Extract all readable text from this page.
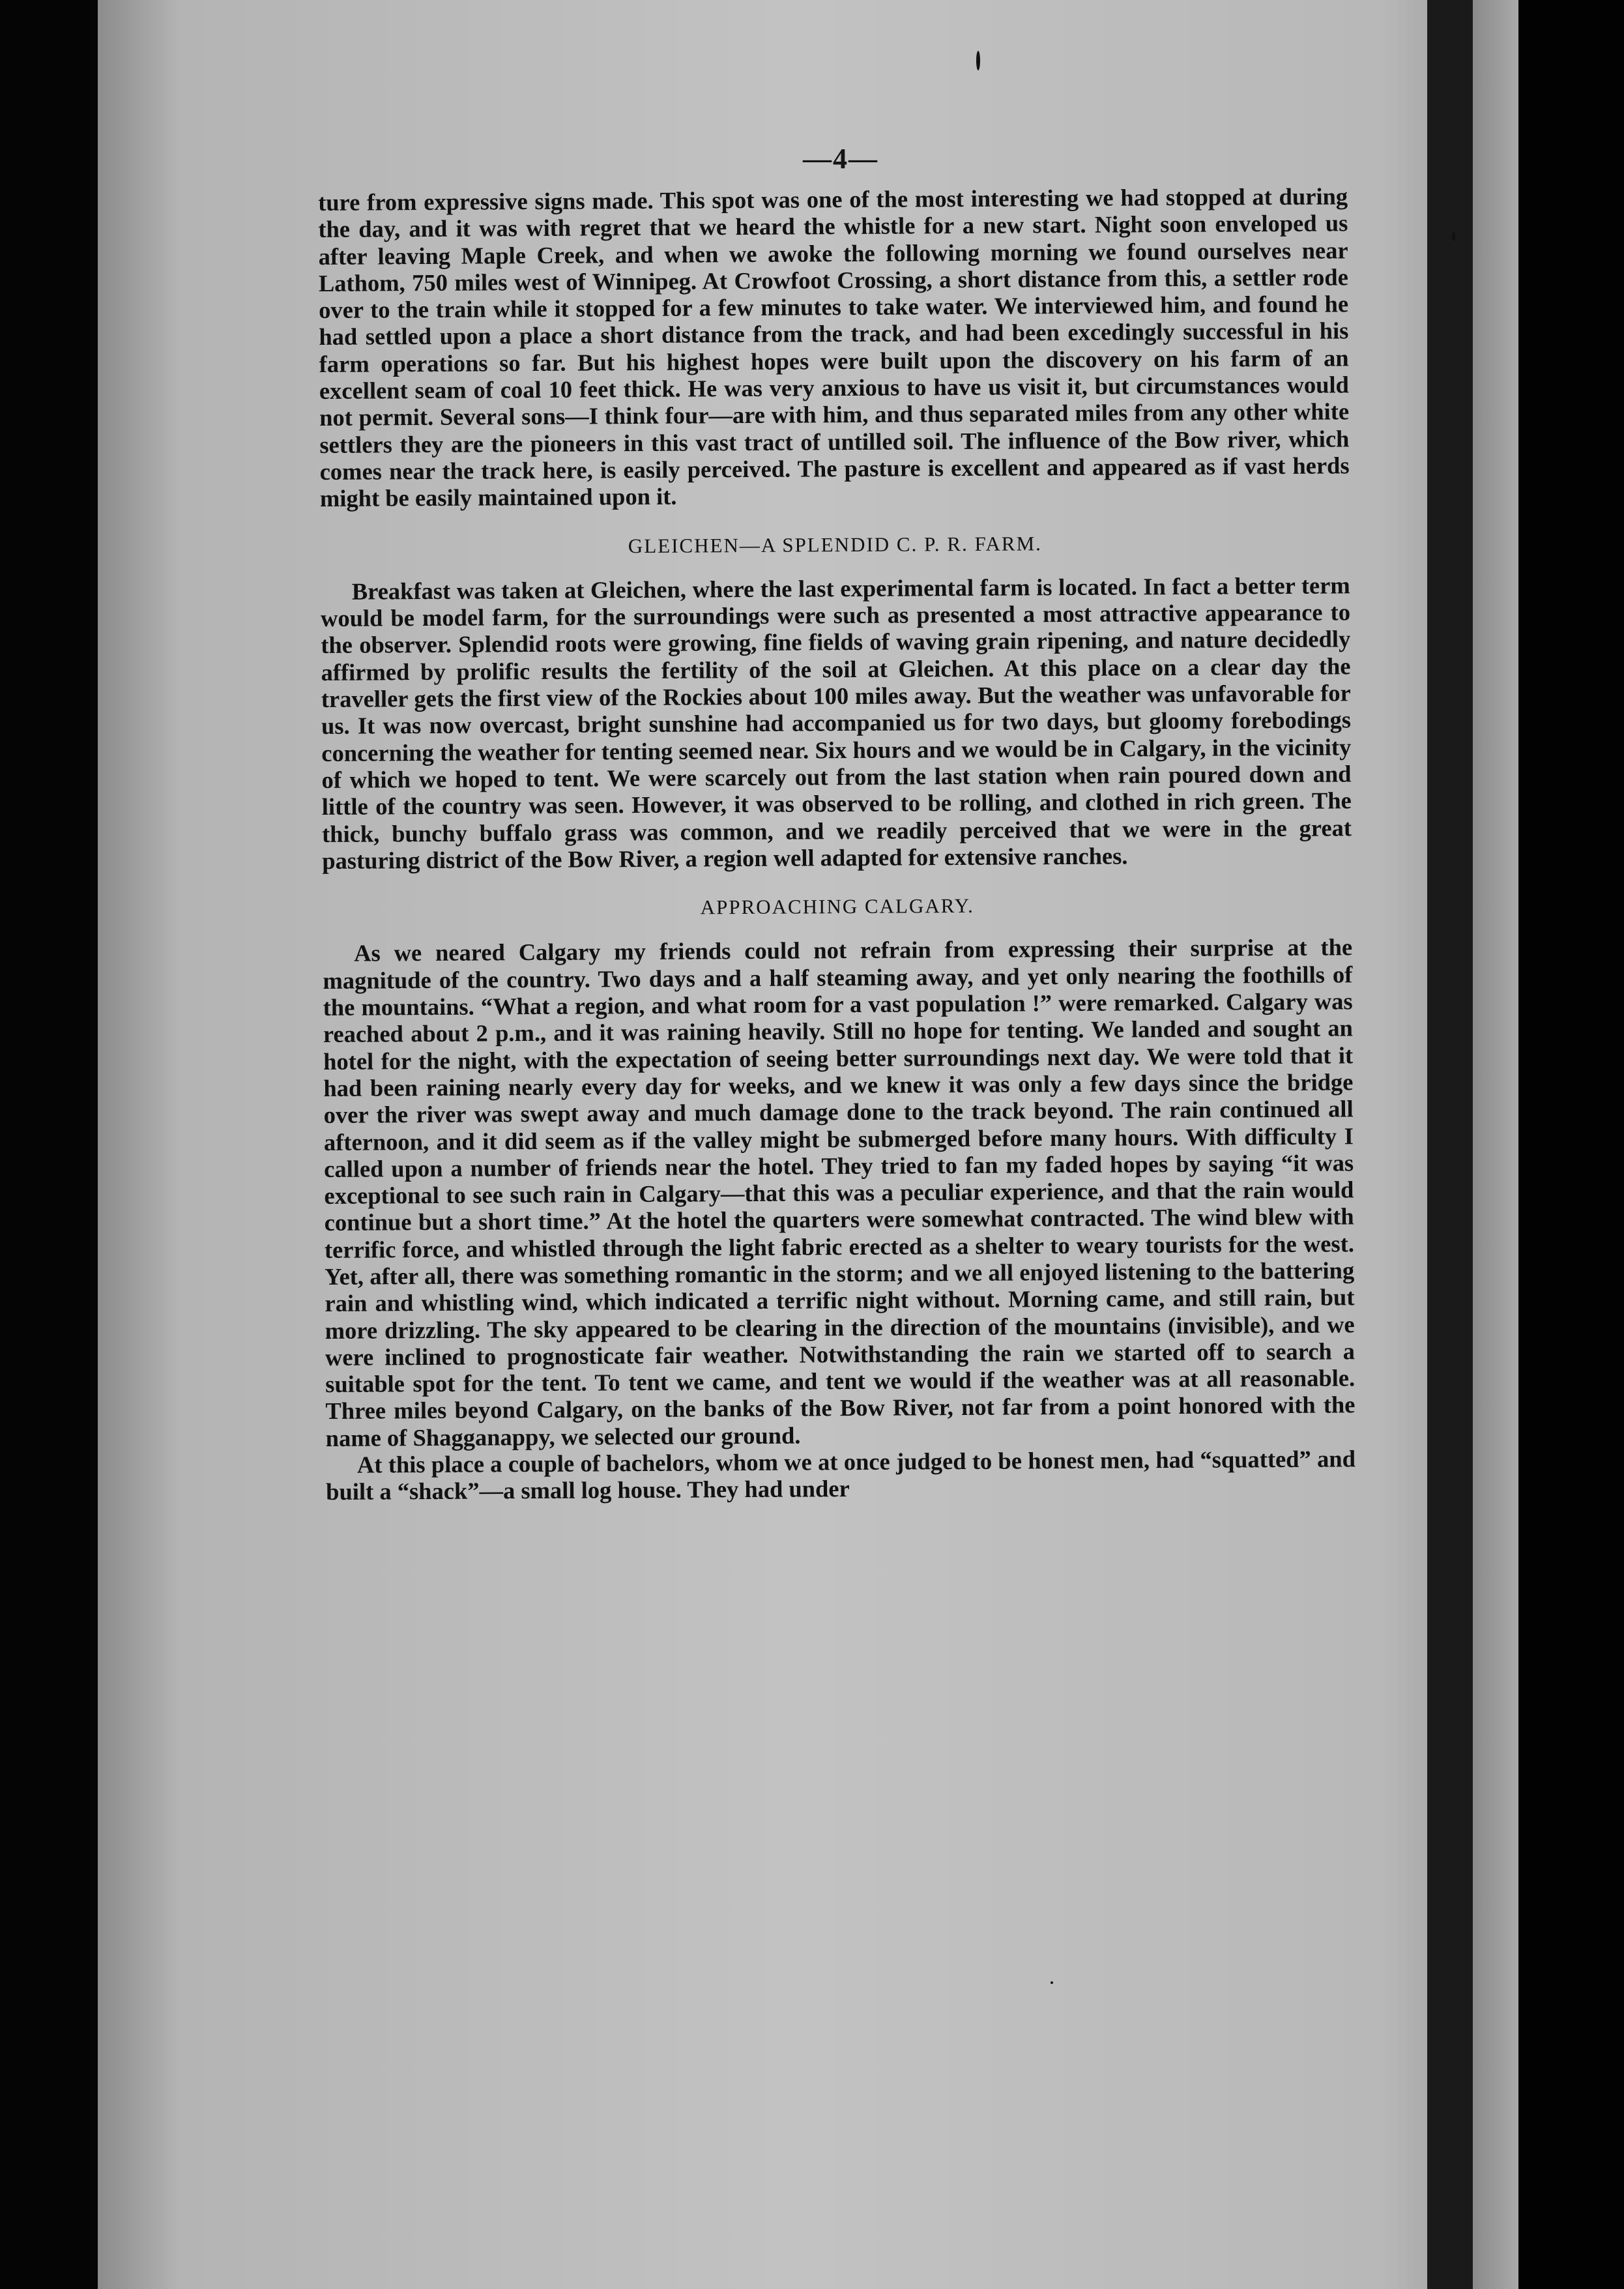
—4—

ture from expressive signs made. This spot was one of the most interesting we had stopped at during the day, and it was with regret that we heard the whistle for a new start. Night soon enveloped us after leaving Maple Creek, and when we awoke the following morning we found ourselves near Lathom, 750 miles west of Winnipeg. At Crowfoot Crossing, a short distance from this, a settler rode over to the train while it stopped for a few minutes to take water. We interviewed him, and found he had settled upon a place a short distance from the track, and had been excedingly successful in his farm operations so far. But his highest hopes were built upon the discovery on his farm of an excellent seam of coal 10 feet thick. He was very anxious to have us visit it, but circumstances would not permit. Several sons—I think four—are with him, and thus separated miles from any other white settlers they are the pioneers in this vast tract of untilled soil. The influence of the Bow river, which comes near the track here, is easily perceived. The pasture is excellent and appeared as if vast herds might be easily maintained upon it.

GLEICHEN—A SPLENDID C. P. R. FARM.

Breakfast was taken at Gleichen, where the last experimental farm is located. In fact a better term would be model farm, for the surroundings were such as presented a most attractive appearance to the observer. Splendid roots were growing, fine fields of waving grain ripening, and nature decidedly affirmed by prolific results the fertility of the soil at Gleichen. At this place on a clear day the traveller gets the first view of the Rockies about 100 miles away. But the weather was unfavorable for us. It was now overcast, bright sunshine had accompanied us for two days, but gloomy forebodings concerning the weather for tenting seemed near. Six hours and we would be in Calgary, in the vicinity of which we hoped to tent. We were scarcely out from the last station when rain poured down and little of the country was seen. However, it was observed to be rolling, and clothed in rich green. The thick, bunchy buffalo grass was common, and we readily perceived that we were in the great pasturing district of the Bow River, a region well adapted for extensive ranches.

APPROACHING CALGARY.

As we neared Calgary my friends could not refrain from expressing their surprise at the magnitude of the country. Two days and a half steaming away, and yet only nearing the foothills of the mountains. “What a region, and what room for a vast population !” were remarked. Calgary was reached about 2 p.m., and it was raining heavily. Still no hope for tenting. We landed and sought an hotel for the night, with the expectation of seeing better surroundings next day. We were told that it had been raining nearly every day for weeks, and we knew it was only a few days since the bridge over the river was swept away and much damage done to the track beyond. The rain continued all afternoon, and it did seem as if the valley might be submerged before many hours. With difficulty I called upon a number of friends near the hotel. They tried to fan my faded hopes by saying “it was exceptional to see such rain in Calgary—that this was a peculiar experience, and that the rain would continue but a short time.” At the hotel the quarters were somewhat contracted. The wind blew with terrific force, and whistled through the light fabric erected as a shelter to weary tourists for the west. Yet, after all, there was something romantic in the storm; and we all enjoyed listening to the battering rain and whistling wind, which indicated a terrific night without. Morning came, and still rain, but more drizzling. The sky appeared to be clearing in the direction of the mountains (invisible), and we were inclined to prognosticate fair weather. Notwithstanding the rain we started off to search a suitable spot for the tent. To tent we came, and tent we would if the weather was at all reasonable. Three miles beyond Calgary, on the banks of the Bow River, not far from a point honored with the name of Shagganappy, we selected our ground.

At this place a couple of bachelors, whom we at once judged to be honest men, had “squatted” and built a “shack”—a small log house. They had under
